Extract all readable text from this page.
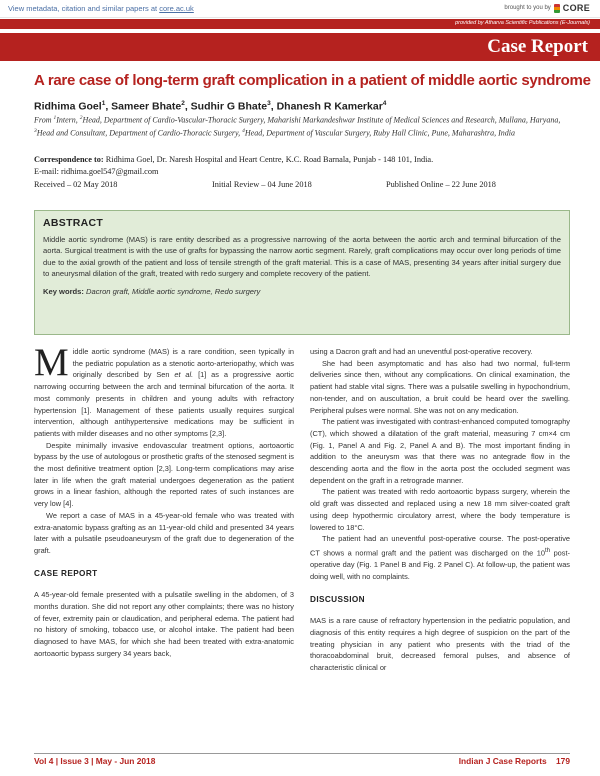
View metadata, citation and similar papers at core.ac.uk	brought to you by CORE
provided by Atharva Scientific Publications (E-Journals)
Case Report
A rare case of long-term graft complication in a patient of middle aortic syndrome
Ridhima Goel$^1$, Sameer Bhate$^2$, Sudhir G Bhate$^3$, Dhanesh R Kamerkar$^4$
From $^1$Intern, $^2$Head, Department of Cardio-Vascular-Thoracic Surgery, Maharishi Markandeshwar Institute of Medical Sciences and Research, Mullana, Haryana, $^3$Head and Consultant, Department of Cardio-Thoracic Surgery, $^4$Head, Department of Vascular Surgery, Ruby Hall Clinic, Pune, Maharashtra, India
Correspondence to: Ridhima Goel, Dr. Naresh Hospital and Heart Centre, K.C. Road Barnala, Punjab - 148 101, India.
E-mail: ridhima.goel547@gmail.com
Received – 02 May 2018	Initial Review – 04 June 2018	Published Online – 22 June 2018
ABSTRACT
Middle aortic syndrome (MAS) is rare entity described as a progressive narrowing of the aorta between the aortic arch and terminal bifurcation of the aorta. Surgical treatment is with the use of grafts for bypassing the narrow aortic segment. Rarely, graft complications may occur over long periods of time due to the axial growth of the patient and loss of tensile strength of the graft material. This is a case of MAS, presenting 34 years after initial surgery due to aneurysmal dilation of the graft, treated with redo surgery and complete recovery of the patient.
Key words: Dacron graft, Middle aortic syndrome, Redo surgery

Middle aortic syndrome (MAS) is a rare condition, seen typically in the pediatric population as a stenotic aorto-arteriopathy, which was originally described by Sen et al. [1] as a progressive aortic narrowing occurring between the arch and terminal bifurcation of the aorta. It most commonly presents in children and young adults with refractory hypertension [1]. Management of these patients usually requires surgical intervention, although antihypertensive medications may be sufficient in patients with milder diseases and no other symptoms [2,3].

Despite minimally invasive endovascular treatment options, aortoaortic bypass by the use of autologous or prosthetic grafts of the stenosed segment is the most definitive treatment option [2,3]. Long-term complications may arise later in life when the graft material undergoes degeneration as the patient grows in a linear fashion, although the reported rates of such instances are very low [4].

We report a case of MAS in a 45-year-old female who was treated with extra-anatomic bypass grafting as an 11-year-old child and presented 34 years later with a pulsatile pseudoaneurysm of the graft due to degeneration of the graft.

CASE REPORT

A 45-year-old female presented with a pulsatile swelling in the abdomen, of 3 months duration. She did not report any other complaints; there was no history of fever, extremity pain or claudication, and peripheral edema. The patient had no history of smoking, tobacco use, or alcohol intake. The patient had been diagnosed to have MAS, for which she had been treated with extra-anatomic aortoaortic bypass surgery 34 years back,

using a Dacron graft and had an uneventful post-operative recovery.

She had been asymptomatic and has also had two normal, full-term deliveries since then, without any complications. On clinical examination, the patient had stable vital signs. There was a pulsatile swelling in hypochondrium, non-tender, and on auscultation, a bruit could be heard over the swelling. Peripheral pulses were normal. She was not on any medication.

The patient was investigated with contrast-enhanced computed tomography (CT), which showed a dilatation of the graft material, measuring 7 cm×4 cm (Fig. 1, Panel A and Fig. 2, Panel A and B). The most important finding in addition to the aneurysm was that there was no antegrade flow in the descending aorta and the flow in the aorta post the occluded segment was dependent on the graft in a retrograde manner.

The patient was treated with redo aortoaortic bypass surgery, wherein the old graft was dissected and replaced using a new 18 mm silver-coated graft using deep hypothermic circulatory arrest, where the body temperature is lowered to 18°C.

The patient had an uneventful post-operative course. The post-operative CT shows a normal graft and the patient was discharged on the 10th post-operative day (Fig. 1 Panel B and Fig. 2 Panel C). At follow-up, the patient was doing well, with no complaints.

DISCUSSION

MAS is a rare cause of refractory hypertension in the pediatric population, and diagnosis of this entity requires a high degree of suspicion on the part of the treating physician in any patient who presents with the triad of the thoracoabdominal bruit, decreased femoral pulses, and absence of characteristic clinical or

Vol 4 | Issue 3 | May - Jun 2018	Indian J Case Reports 179
